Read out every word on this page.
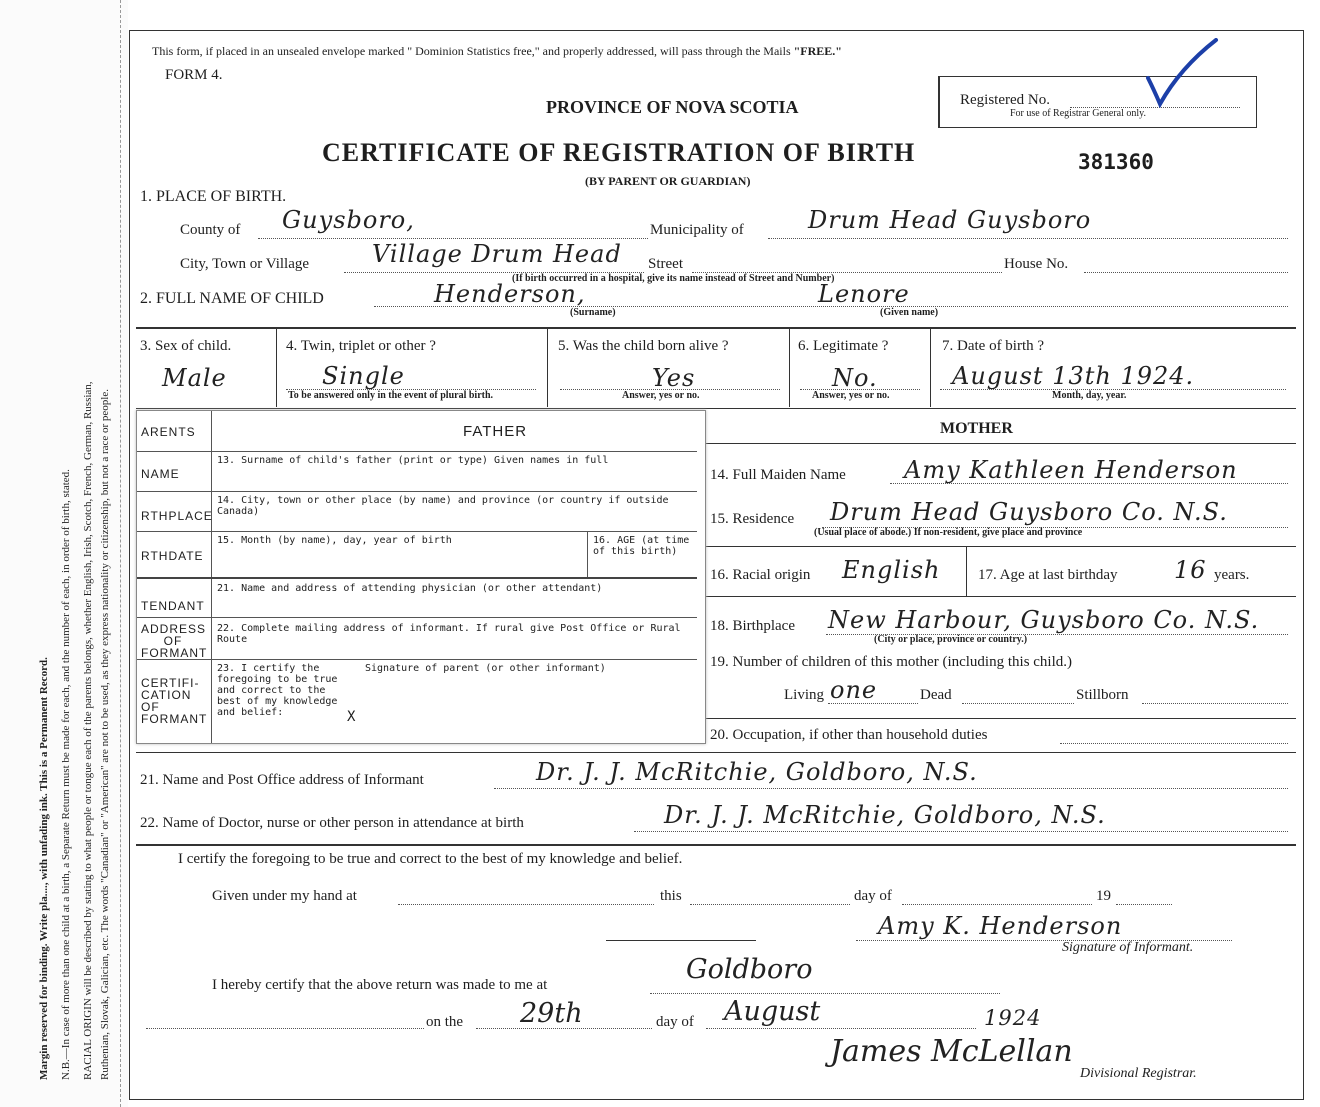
Margin reserved for binding. Write pla...., with unfading ink. This is a Permanent Record. N.B.—In case of more than one child at a birth, a Separate Return must be made for each, and the number of each, in order of birth, stated. RACIAL ORIGIN will be described by stating to what people or tongue each of the parents belongs, whether English, Irish, Scotch, French, German, Russian, Ruthenian, Slovak, Galician, etc. The words "Canadian" or "American" are not to be used, as they express nationality or citizenship, but not a race or people.
This form, if placed in an unsealed envelope marked " Dominion Statistics free," and properly addressed, will pass through the Mails "FREE."
FORM 4.
PROVINCE OF NOVA SCOTIA
CERTIFICATE OF REGISTRATION OF BIRTH
(BY PARENT OR GUARDIAN)
381360
Registered No.
For use of Registrar General only.
1. PLACE OF BIRTH.
County of Guysboro,	Municipality of	Drum Head Guysboro
City, Town or Village	Village Drum Head Street	House No.
(If birth occurred in a hospital, give its name instead of Street and Number)
2. FULL NAME OF CHILD	Henderson,	Lenore
(Surname)	(Given name)
3. Sex of child.
Male
4. Twin, triplet or other ?
Single
To be answered only in the event of plural birth.
5. Was the child born alive ?
Yes
Answer, yes or no.
6. Legitimate ?
No.
Answer, yes or no.
7. Date of birth ?
August 13th 1924.
Month, day, year.
MOTHER
14. Full Maiden Name Amy Kathleen Henderson
15. Residence Drum Head Guysboro Co. N.S.
(Usual place of abode.) If non-resident, give place and province
16. Racial origin English	17. Age at last birthday 16 years.
18. Birthplace New Harbour, Guysboro Co. N.S.
(City or place, province or country.)
19. Number of children of this mother (including this child.)
Living one	Dead	Stillborn
20. Occupation, if other than household duties
ARENTS	FATHER
NAME
13. Surname of child's father (print or type) Given names in full
RTHPLACE
14. City, town or other place (by name) and province (or country if outside Canada)
RTHDATE
15. Month (by name), day, year of birth	16. AGE (at time of this birth)
TENDANT
21. Name and address of attending physician (or other attendant)
ADDRESS OF FORMANT
22. Complete mailing address of informant. If rural give Post Office or Rural Route
CERTIFI- CATION OF FORMANT
23. I certify the foregoing to be true and correct to the best of my knowledge and belief:
Signature of parent (or other informant)
X
21. Name and Post Office address of Informant	Dr. J. J. McRitchie, Goldboro, N.S.
22. Name of Doctor, nurse or other person in attendance at birth	Dr. J. J. McRitchie, Goldboro, N.S.
I certify the foregoing to be true and correct to the best of my knowledge and belief.
Given under my hand at	this	day of	19
Amy K. Henderson
Signature of Informant.
I hereby certify that the above return was made to me at	Goldboro
on the 29th	day of August	1924
James McLellan
Divisional Registrar.
